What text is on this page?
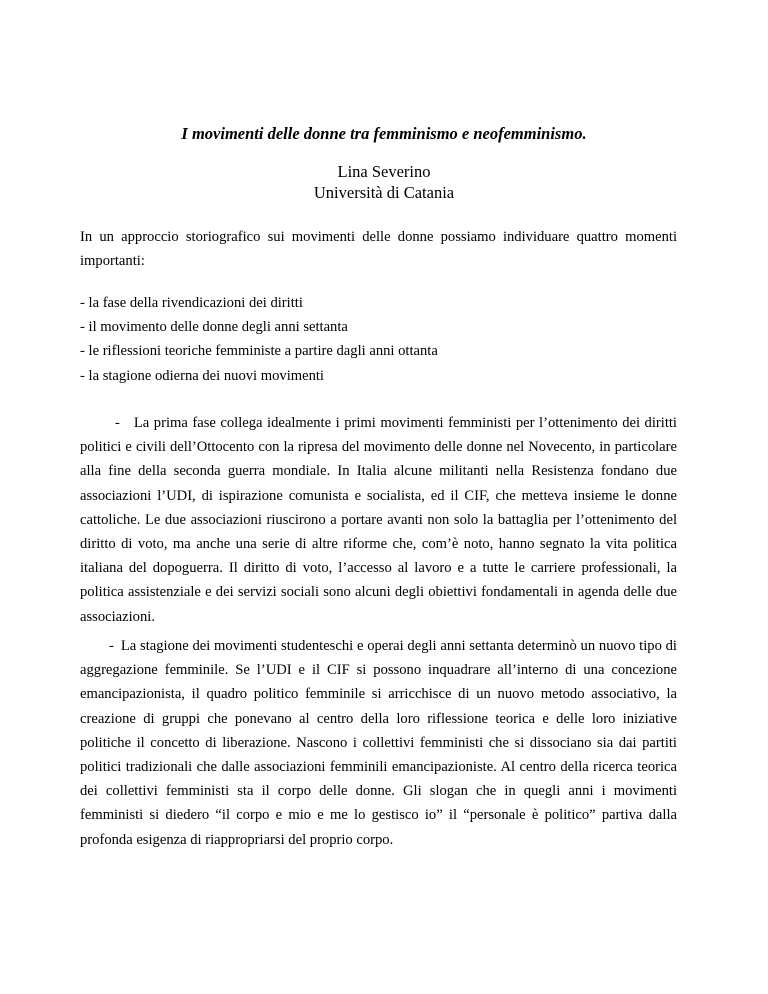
I movimenti delle donne tra femminismo e neofemminismo.
Lina Severino
Università di Catania

In un approccio storiografico sui movimenti delle donne possiamo individuare quattro momenti importanti:

- la fase della rivendicazioni dei diritti
- il movimento delle donne degli anni settanta
- le riflessioni teoriche femministe a partire dagli anni ottanta
- la stagione odierna dei nuovi movimenti

- La prima fase collega idealmente i primi movimenti femministi per l’ottenimento dei diritti politici e civili dell’Ottocento con la ripresa del movimento delle donne nel Novecento, in particolare alla fine della seconda guerra mondiale. In Italia alcune militanti nella Resistenza fondano due associazioni l’UDI, di ispirazione comunista e socialista, ed il CIF, che metteva insieme le donne cattoliche. Le due associazioni riuscirono a portare avanti non solo la battaglia per l’ottenimento del diritto di voto, ma anche una serie di altre riforme che, com’è noto, hanno segnato la vita politica italiana del dopoguerra. Il diritto di voto, l’accesso al lavoro e a tutte le carriere professionali, la politica assistenziale e dei servizi sociali sono alcuni degli obiettivi fondamentali in agenda delle due associazioni.

- La stagione dei movimenti studenteschi e operai degli anni settanta determinò un nuovo tipo di aggregazione femminile. Se l’UDI e il CIF si possono inquadrare all’interno di una concezione emancipazionista, il quadro politico femminile si arricchisce di un nuovo metodo associativo, la creazione di gruppi che ponevano al centro della loro riflessione teorica e delle loro iniziative politiche il concetto di liberazione. Nascono i collettivi femministi che si dissociano sia dai partiti politici tradizionali che dalle associazioni femminili emancipazioniste. Al centro della ricerca teorica dei collettivi femministi sta il corpo delle donne. Gli slogan che in quegli anni i movimenti femministi si diedero “il corpo e mio e me lo gestisco io” il “personale è politico” partiva dalla profonda esigenza di riappropriarsi del proprio corpo.
